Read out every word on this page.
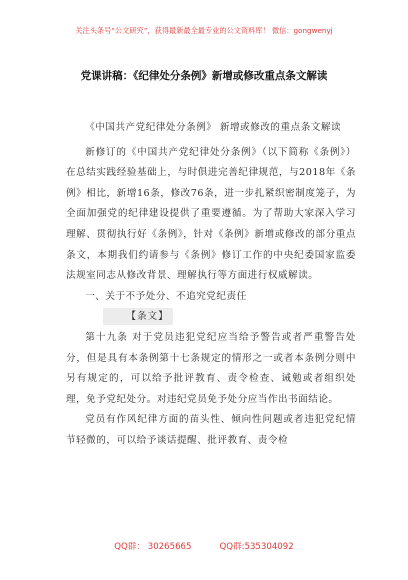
关注头条号“公文研究”，获得最新最全最专业的公文资料库！ 微信：gongwenyj
党课讲稿：《纪律处分条例》新增或修改重点条文解读

《中国共产党纪律处分条例》 新增或修改的重点条文解读

新修订的《中国共产党纪律处分条例》（以下简称《条例》）在总结实践经验基础上，与时俱进完善纪律规范，与2018年《条例》相比，新增16条，修改76条，进一步扎紧织密制度笼子，为全面加强党的纪律建设提供了重要遵循。为了帮助大家深入学习理解、贯彻执行好《条例》，针对《条例》新增或修改的部分重点条文，本期我们约请参与《条例》修订工作的中央纪委国家监委法规室同志从修改背景、理解执行等方面进行权威解读。

一、关于不予处分、不追究党纪责任

【条文】

第十九条 对于党员违犯党纪应当给予警告或者严重警告处分，但是具有本条例第十七条规定的情形之一或者本条例分则中另有规定的，可以给予批评教育、责令检查、诫勉或者组织处理，免予党纪处分。对违纪党员免予处分应当作出书面结论。

党员有作风纪律方面的苗头性、倾向性问题或者违犯党纪情节轻微的，可以给予谈话提醒、批评教育、责令检

QQ群： 30265665	QQ群:535304092
